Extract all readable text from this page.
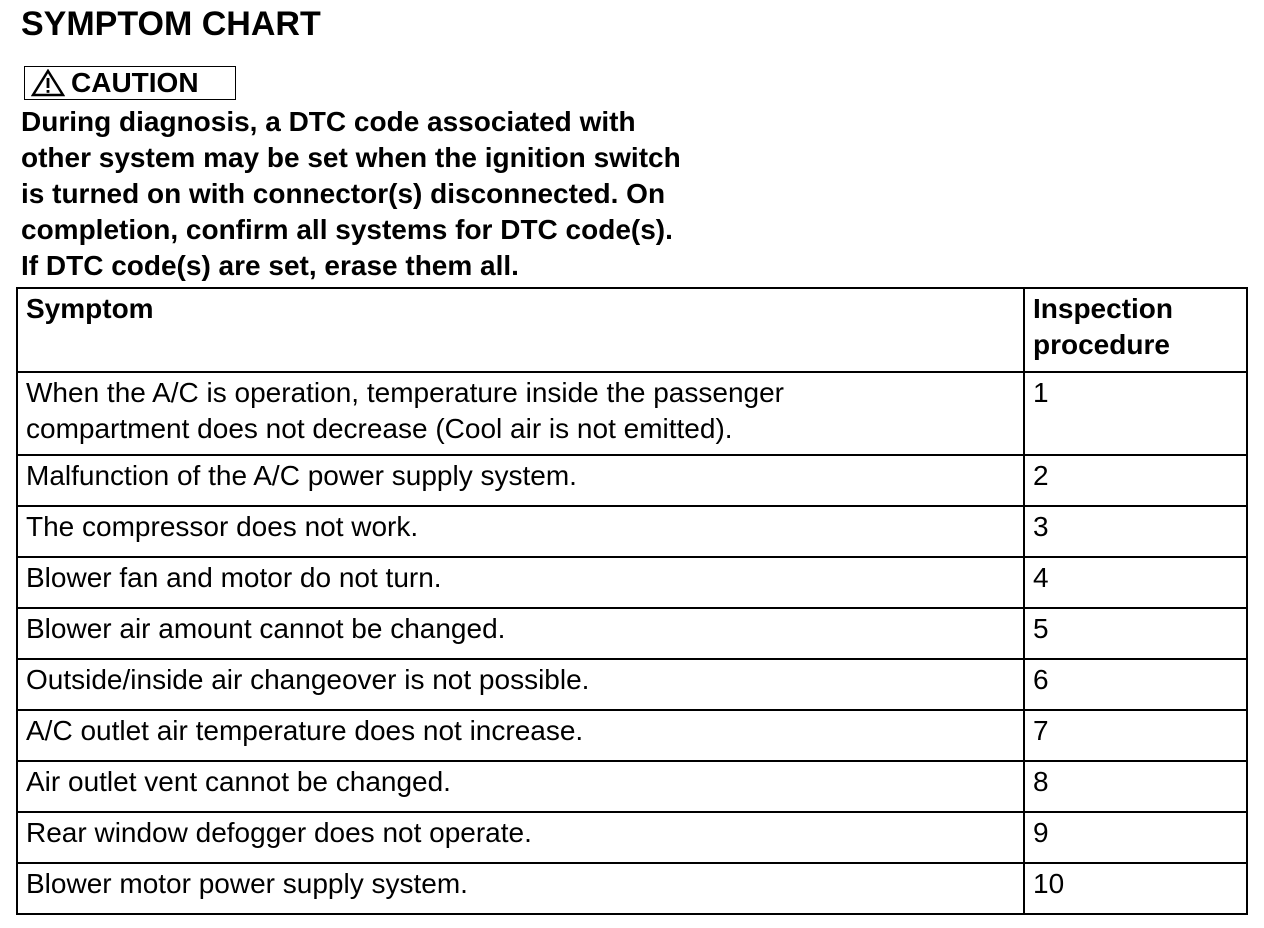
SYMPTOM CHART
CAUTION
During diagnosis, a DTC code associated with
other system may be set when the ignition switch
is turned on with connector(s) disconnected. On
completion, confirm all systems for DTC code(s).
If DTC code(s) are set, erase them all.
Symptom	Inspection
procedure

When the A/C is operation, temperature inside the passenger
compartment does not decrease (Cool air is not emitted).	1
Malfunction of the A/C power supply system.	2
The compressor does not work.	3
Blower fan and motor do not turn.	4
Blower air amount cannot be changed.	5
Outside/inside air changeover is not possible.	6
A/C outlet air temperature does not increase.	7
Air outlet vent cannot be changed.	8
Rear window defogger does not operate.	9
Blower motor power supply system.	10
